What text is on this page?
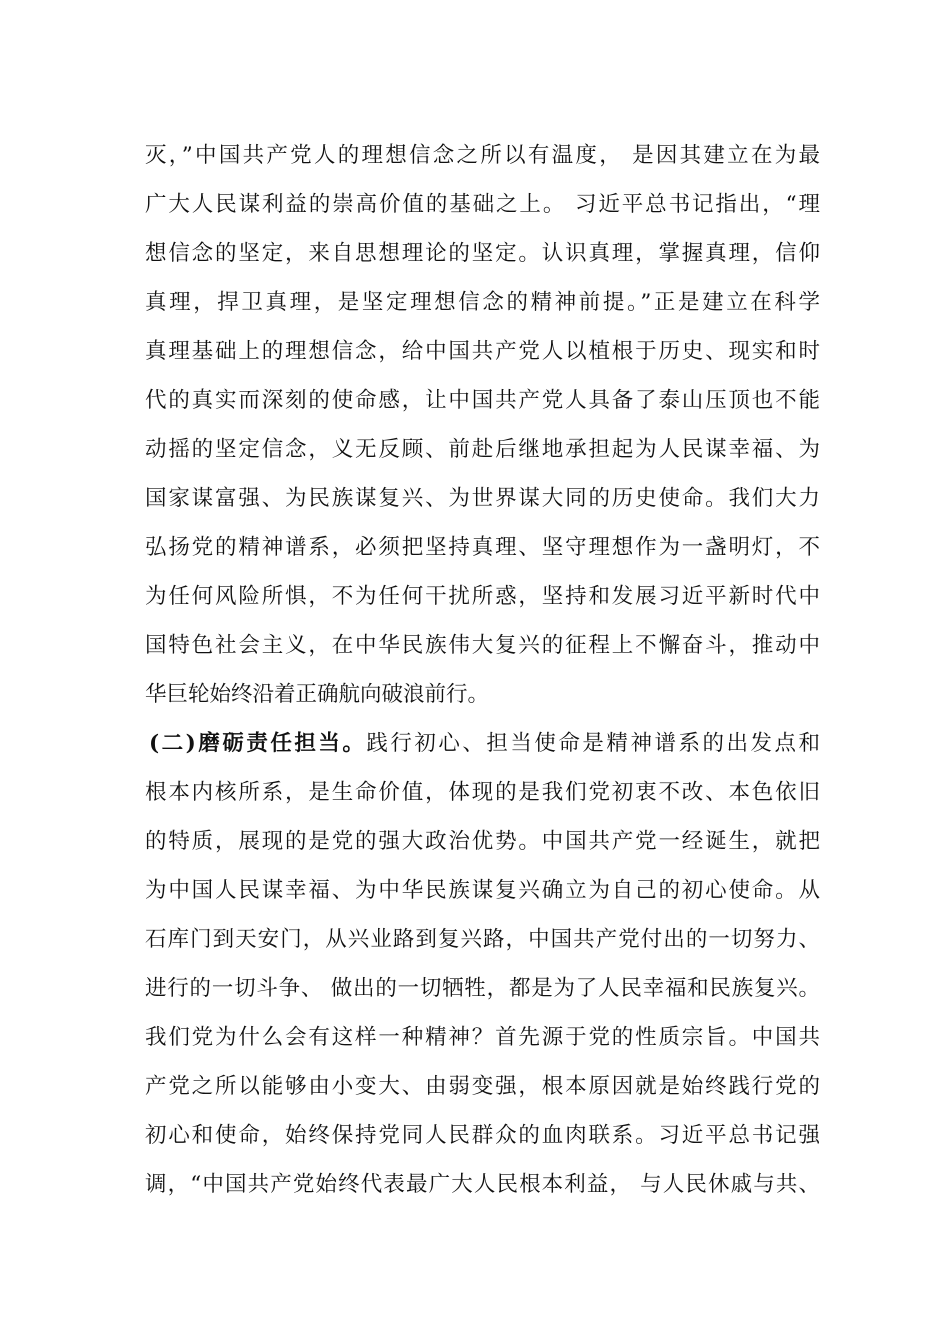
灭，”中国共产党人的理想信念之所以有温度， 是因其建立在为最
广大人民谋利益的崇高价值的基础之上。 习近平总书记指出，“理
想信念的坚定，来自思想理论的坚定。认识真理，掌握真理，信仰
真理，捍卫真理，是坚定理想信念的精神前提。”正是建立在科学
真理基础上的理想信念，给中国共产党人以植根于历史、现实和时
代的真实而深刻的使命感，让中国共产党人具备了泰山压顶也不能
动摇的坚定信念，义无反顾、前赴后继地承担起为人民谋幸福、为
国家谋富强、为民族谋复兴、为世界谋大同的历史使命。我们大力
弘扬党的精神谱系，必须把坚持真理、坚守理想作为一盏明灯，不
为任何风险所惧，不为任何干扰所惑，坚持和发展习近平新时代中
国特色社会主义，在中华民族伟大复兴的征程上不懈奋斗，推动中
华巨轮始终沿着正确航向破浪前行。
(二)磨砺责任担当。践行初心、担当使命是精神谱系的出发点和
根本内核所系，是生命价值，体现的是我们党初衷不改、本色依旧
的特质，展现的是党的强大政治优势。中国共产党一经诞生，就把
为中国人民谋幸福、为中华民族谋复兴确立为自己的初心使命。从
石库门到天安门，从兴业路到复兴路，中国共产党付出的一切努力、
进行的一切斗争、 做出的一切牺牲，都是为了人民幸福和民族复兴。
我们党为什么会有这样一种精神？首先源于党的性质宗旨。中国共
产党之所以能够由小变大、由弱变强，根本原因就是始终践行党的
初心和使命，始终保持党同人民群众的血肉联系。习近平总书记强
调，“中国共产党始终代表最广大人民根本利益， 与人民休戚与共、
